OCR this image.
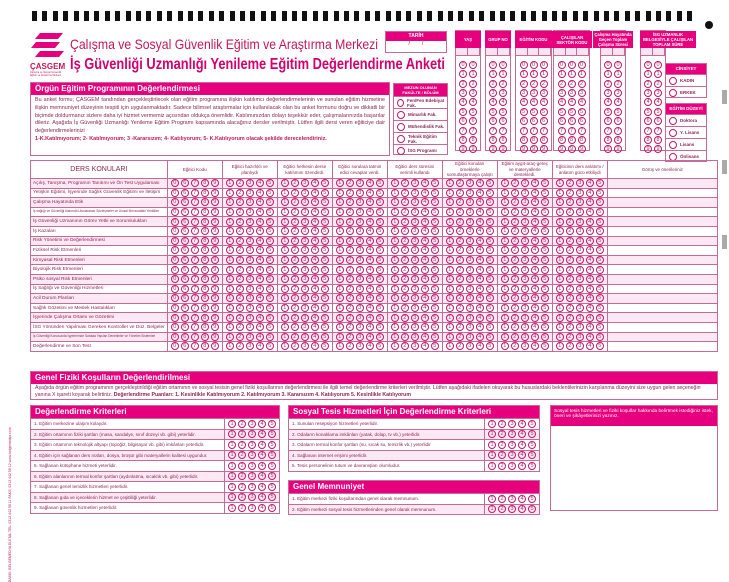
ÇASGEM
Çalışma ve Sosyal Güvenlik Eğitim ve Araştırma Merkezi
Çalışma ve Sosyal Güvenlik Eğitim ve Araştırma Merkezi
İş Güvenliği Uzmanlığı Yenileme Eğitim Değerlendirme Anketi
TARİH
/ /
YAŞ
0 0
1 1
2 2
3 3
4 4
5 5
6 6
7 7
8 8
9 9
GRUP NO
0 0
1 1
2 2
3 3
4 4
5 5
6 6
7 7
8 8
9 9
EĞİTİM KODU
0 0 0
1 1 1
2 2 2
3 3 3
4 4 4
5 5 5
6 6 6
7 7 7
8 8 8
9 9 9
ÇALIŞILAN SEKTÖR KODU
0 0 0
1 1 1
2 2 2
3 3 3
4 4 4
5 5 5
6 6 6
7 7 7
8 8 8
9 9 9
Çalışma Hayatında Geçen Toplam Çalışma Süresi
0 0
1 1
2 2
3 3
4 4
5 5
6 6
7 7
8 8
9 9
İSG UZMANLIK BELGESİYLE ÇALIŞILAN TOPLAM SÜRE
0 0
1 1
2 2
3 3
4 4
5 5
6 6
7 7
8 8
9 9
CİNSİYET
KADIN
ERKEK
EĞİTİM DÜZEYİ
Doktora
Y. Lisans
Lisans
Önlisans
MEZUN OLUNAN FAKÜLTE / BÖLÜM
Fen/Fen Edebiyat Fak.
Mimarlık Fak.
Mühendislik Fak.
Teknik Eğitim Fak.
İSG Programı
Örgün Eğitim Programının Değerlendirmesi
Bu anket formu; ÇASGEM tarafından gerçekleştirilecek olan eğitim programına ilişkin katılımcı değerlendirmelerinin ve sunulan eğitim hizmetine ilişkin memnuniyet düzeyinin tespiti için uygulanmaktadır. Sadece bilimsel araştırmalar için kullanılacak olan bu anket formunu doğru ve dikkatli bir biçimde doldurmanız sizlere daha iyi hizmet vermemiz açısından oldukça önemlidir. Katılımınızdan dolayı teşekkür eder, çalışmalarınızda başarılar dileriz. Aşağıda İş Güvenliği Uzmanlığı Yenileme Eğitim Programı kapsamında alacağınız dersler verilmiştir. Lütfen ilgili dersi veren eğiticiye dair değerlendirmelerinizi
1-K.Katılmıyorum; 2- Katılmıyorum; 3 -Kararsızım; 4- Katılıyorum; 5- K.Katılıyorum olacak şekilde derecelendiriniz.
DERS KONULARI	Eğitici Kodu	Eğitici hazırlıklı ve planlıydı	Eğitici herkesin derse katılımını özendirdi.	Eğitici sorulara tatmin edici cevaplar verdi.	Eğitici ders süresini verimli kullandı	Eğitici konuları örneklerle somutlaştırmaya çalıştı	Eğitim aygıt-araç-gereç ve materyallerle destekledi.	Eğiticinin ders anlatımı / anlatım gücü etkiliydi	Görüş ve önerileriniz
Açılış, Tanışma, Programın Tanıtımı ve Ön Test Uygulaması	0 6 7 8 9	1 2 3 4 5	1 2 3 4 5	1 2 3 4 5	1 2 3 4 5	1 2 3 4 5	1 2 3 4 5	1 2 3 4 5	
Yetişkin Eğitimi, İşyerinde Sağlık Güvenlik Eğitimi ve İletişim	0 6 7 8 9	1 2 3 4 5	1 2 3 4 5	1 2 3 4 5	1 2 3 4 5	1 2 3 4 5	1 2 3 4 5	1 2 3 4 5	
Çalışma Hayatında Etik	0 6 7 8 9	1 2 3 4 5	1 2 3 4 5	1 2 3 4 5	1 2 3 4 5	1 2 3 4 5	1 2 3 4 5	1 2 3 4 5	
İş sağlığı ve Güvenliği Alanında Uluslararası Sözleşmeler ve Ulusal Mevzuattaki Yenilikler	0 6 7 8 9	1 2 3 4 5	1 2 3 4 5	1 2 3 4 5	1 2 3 4 5	1 2 3 4 5	1 2 3 4 5	1 2 3 4 5	
İş Güvenliği Uzmanının Görev Yetki ve Sorumlulukları	0 6 7 8 9	1 2 3 4 5	1 2 3 4 5	1 2 3 4 5	1 2 3 4 5	1 2 3 4 5	1 2 3 4 5	1 2 3 4 5	
İş Kazaları	0 6 7 8 9	1 2 3 4 5	1 2 3 4 5	1 2 3 4 5	1 2 3 4 5	1 2 3 4 5	1 2 3 4 5	1 2 3 4 5	
Risk Yönetimi ve Değerlendirmesi	0 6 7 8 9	1 2 3 4 5	1 2 3 4 5	1 2 3 4 5	1 2 3 4 5	1 2 3 4 5	1 2 3 4 5	1 2 3 4 5	
Fiziksel Risk Etmenleri	0 6 7 8 9	1 2 3 4 5	1 2 3 4 5	1 2 3 4 5	1 2 3 4 5	1 2 3 4 5	1 2 3 4 5	1 2 3 4 5	
Kimyasal Risk Etmenleri	0 6 7 8 9	1 2 3 4 5	1 2 3 4 5	1 2 3 4 5	1 2 3 4 5	1 2 3 4 5	1 2 3 4 5	1 2 3 4 5	
Biyolojik Risk Etmenleri	0 6 7 8 9	1 2 3 4 5	1 2 3 4 5	1 2 3 4 5	1 2 3 4 5	1 2 3 4 5	1 2 3 4 5	1 2 3 4 5	
Psiko sosyal Risk Etmenleri	0 6 7 8 9	1 2 3 4 5	1 2 3 4 5	1 2 3 4 5	1 2 3 4 5	1 2 3 4 5	1 2 3 4 5	1 2 3 4 5	
İş Sağlığı ve Güvenliği Hizmetleri	0 6 7 8 9	1 2 3 4 5	1 2 3 4 5	1 2 3 4 5	1 2 3 4 5	1 2 3 4 5	1 2 3 4 5	1 2 3 4 5	
Acil Durum Planları	0 6 7 8 9	1 2 3 4 5	1 2 3 4 5	1 2 3 4 5	1 2 3 4 5	1 2 3 4 5	1 2 3 4 5	1 2 3 4 5	
Sağlık Gözetimi ve Meslek Hastalıkları	0 6 7 8 9	1 2 3 4 5	1 2 3 4 5	1 2 3 4 5	1 2 3 4 5	1 2 3 4 5	1 2 3 4 5	1 2 3 4 5	
İşyerinde Çalışma Ortamı ve Gözetimi	0 6 7 8 9	1 2 3 4 5	1 2 3 4 5	1 2 3 4 5	1 2 3 4 5	1 2 3 4 5	1 2 3 4 5	1 2 3 4 5	
İSG Yönünden Yapılması Gereken Kontroller ve Düz. Belgeler	0 6 7 8 9	1 2 3 4 5	1 2 3 4 5	1 2 3 4 5	1 2 3 4 5	1 2 3 4 5	1 2 3 4 5	1 2 3 4 5	
İş Güvenliği Konusunda İşyerlerinde Sahada Yapılan Denetimler ve Yönetim Sistemleri	0 6 7 8 9	1 2 3 4 5	1 2 3 4 5	1 2 3 4 5	1 2 3 4 5	1 2 3 4 5	1 2 3 4 5	1 2 3 4 5	
Değerlendirme ve Son Test	0 6 7 8 9	1 2 3 4 5	1 2 3 4 5	1 2 3 4 5	1 2 3 4 5	1 2 3 4 5	1 2 3 4 5	1 2 3 4 5	
Genel Fiziki Koşulların Değerlendirilmesi
Aşağıda örgün eğitim programının gerçekleştirildiği eğitim ortamının ve sosyal tesisin genel fiziki koşullarının değerlendirmesi ile ilgili temel değerlendirme kriterleri verilmiştir. Lütfen aşağıdaki ifadeleri okuyarak bu hususlardaki beklentilerinizin karşılanma düzeyini size uygun gelen seçeneğin yanına X işareti koyarak belirtiniz. Değerlendirme Puanları: 1. Kesinlikle Katılmıyorum 2. Katılmıyorum 3. Kararsızım 4. Katılıyorum 5. Kesinlikle Katılıyorum
Değerlendirme Kriterleri
1. Eğitim merkezine ulaşım kolaydır.	1	2	3	4	5
2. Eğitim ortamının fiziki şartları (masa, sandalye, sınıf düzeyi vb. gibi) yeterlidir.	1	2	3	4	5
3. Eğitim ortamının teknolojik altyapı (topoğiz, bilgisayar vb. gibi) imkânları yeterlidir.	1	2	3	4	5
4. Eğitim için sağlanan ders notları, dosya, broşür gibi materyallerin kalitesi uygundur.	1	2	3	4	5
5. Sağlanan kütüphane hizmeti yeterlidir.	1	2	3	4	5
6. Eğitim alanlarının termal konfor şartları (aydınlatma, sıcaklık vb. gibi) yeterlidir.	1	2	3	4	5
7. Sağlanan genel temizlik hizmetleri yeterlidir.	1	2	3	4	5
8. Sağlanan gıda ve içeceklerin hizmet ve çeşitliliği yeterlidir.	1	2	3	4	5
9. Sağlanan güvenlik hizmetleri yeterlidir.	1	2	3	4	5
Sosyal Tesis Hizmetleri İçin Değerlendirme Kriterleri
1. Sunulan resepsiyon hizmetleri yeterlidir.	1	2	3	4	5
2. Odaların konaklama imkânları (yatak, dolap, tv vb.) yeterlidir.	1	2	3	4	5
3. Odaların termal konfor şartları (su, sıcak su, temizlik vb.) yeterlidir	1	2	3	4	5
4. Sağlanan internet erişimi yeterlidir.	1	2	3	4	5
5. Tesis personelinin tutum ve davranışları olumludur.	1	2	3	4	5
Genel Memnuniyet
1. Eğitim merkezi fiziki koşullarından genel olarak memnunum.	1	2	3	4	5
2. Eğitim merkezi sosyal tesis hizmetlerinden genel olarak memnunum.	1	2	3	4	5
Sosyal tesis hizmetleri ve fiziki koşullar hakkında belirtmek istediğiniz istek, öneri ve şikâyetlerinizi yazınız.
BASKI: BELGEMEDYA DİJİTAL TEL: 0312 442 58 11 FAKS: 0312 442 58 12 www.belgemedya.com
